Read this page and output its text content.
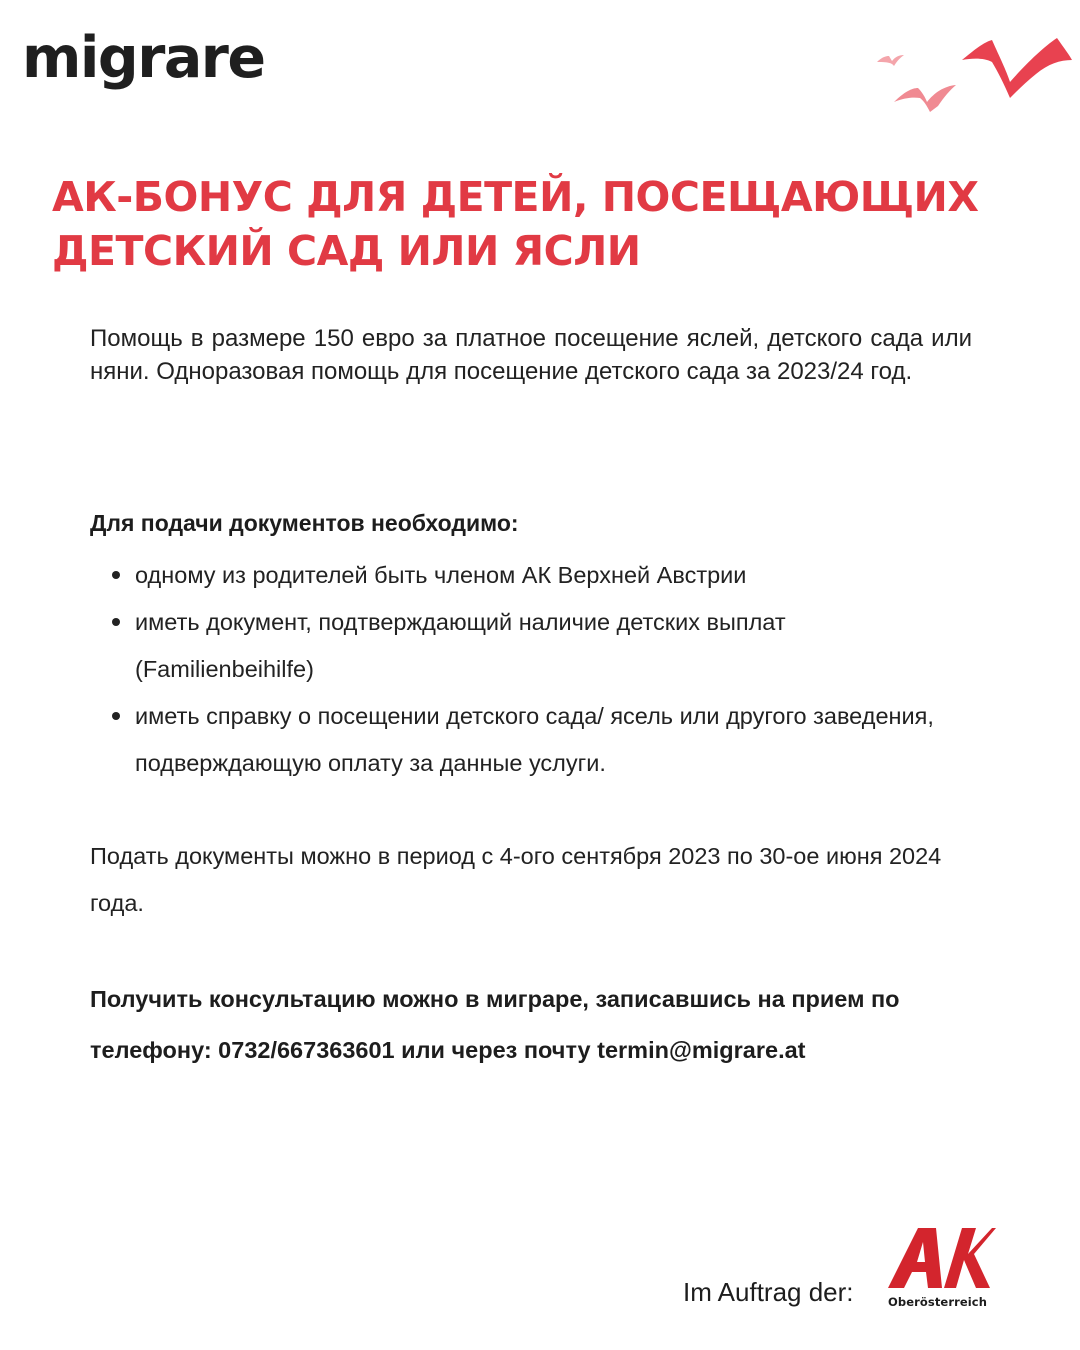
migrare
АК-БОНУС ДЛЯ ДЕТЕЙ, ПОСЕЩАЮЩИХ ДЕТСКИЙ САД ИЛИ ЯСЛИ

Помощь в размере 150 евро за платное посещение яслей, детского сада или няни. Одноразовая помощь для посещение детского сада за 2023/24 год.

Для подачи документов необходимо:

одному из родителей быть членом АК Верхней Австрии
иметь документ, подтверждающий наличие детских выплат (Familienbeihilfe)
иметь справку о посещении детского сада/ ясель или другого заведения, подверждающую оплату за данные услуги.

Подать документы можно в период с 4-ого сентября 2023 по 30-ое июня 2024 года.

Получить консультацию можно в миграре, записавшись на прием по телефону: 0732/667363601 или через почту termin@migrare.at

Im Auftrag der:	Oberösterreich
